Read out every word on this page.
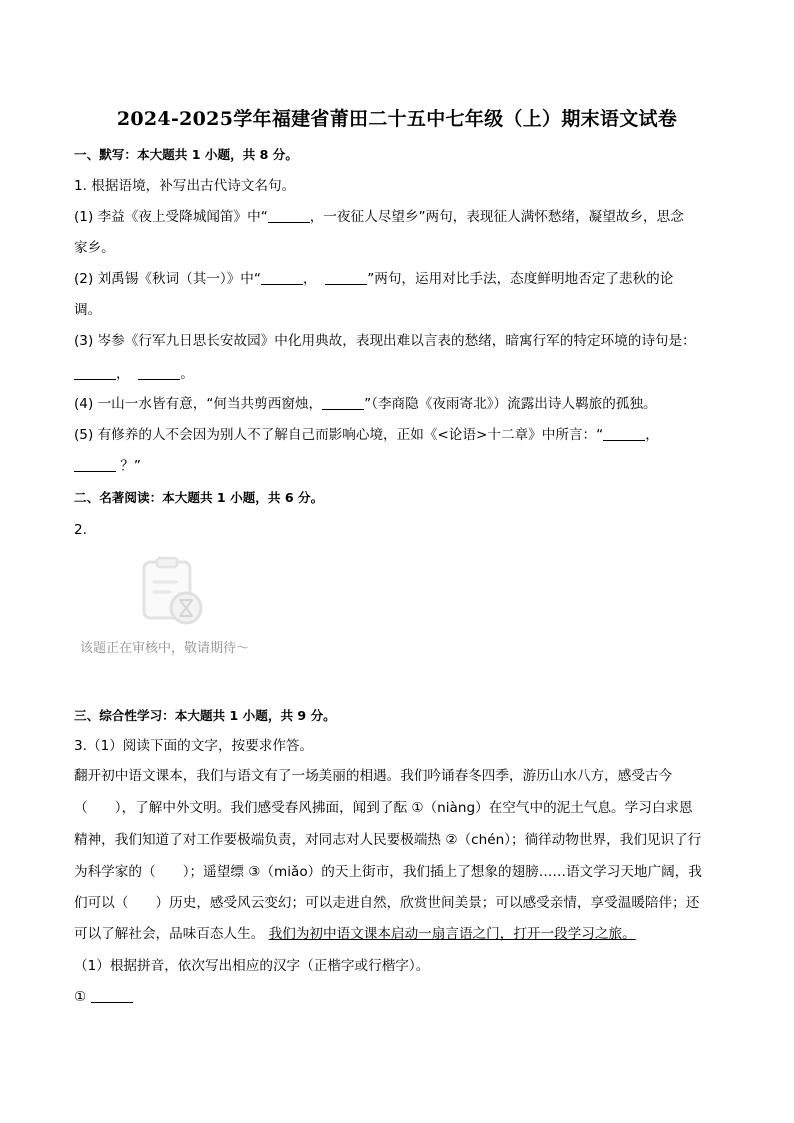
2024-2025学年福建省莆田二十五中七年级（上）期末语文试卷
一、默写：本大题共 1 小题，共 8 分。
1. 根据语境，补写出古代诗文名句。
(1) 李益《夜上受降城闻笛》中“	，一夜征人尽望乡”两句，表现征人满怀愁绪，凝望故乡，思念
家乡。
(2) 刘禹锡《秋词（其一）》中“	，	”两句，运用对比手法，态度鲜明地否定了悲秋的论
调。
(3) 岑参《行军九日思长安故园》中化用典故，表现出难以言表的愁绪，暗寓行军的特定环境的诗句是：
，	。
(4) 一山一水皆有意，“何当共剪西窗烛，	”（李商隐《夜雨寄北》）流露出诗人羁旅的孤独。
(5) 有修养的人不会因为别人不了解自己而影响心境，正如《<论语>十二章》中所言：“	，
？”
二、名著阅读：本大题共 1 小题，共 6 分。
2.
该题正在审核中，敬请期待～
三、综合性学习：本大题共 1 小题，共 9 分。
3.（1）阅读下面的文字，按要求作答。
翻开初中语文课本，我们与语文有了一场美丽的相遇。我们吟诵春冬四季，游历山水八方，感受古今
（　　），了解中外文明。我们感受春风拂面，闻到了酝 ①（niàng）在空气中的泥土气息。学习白求恩
精神，我们知道了对工作要极端负责，对同志对人民要极端热 ②（chén）；徜徉动物世界，我们见识了行
为科学家的（　　）；遥望缥 ③（miǎo）的天上街市，我们插上了想象的翅膀……语文学习天地广阔，我
们可以（　　）历史，感受风云变幻；可以走进自然，欣赏世间美景；可以感受亲情，享受温暖陪伴；还
可以了解社会，品味百态人生。 我们为初中语文课本启动一扇言语之门，打开一段学习之旅。
（1）根据拼音，依次写出相应的汉字（正楷字或行楷字）。
①
